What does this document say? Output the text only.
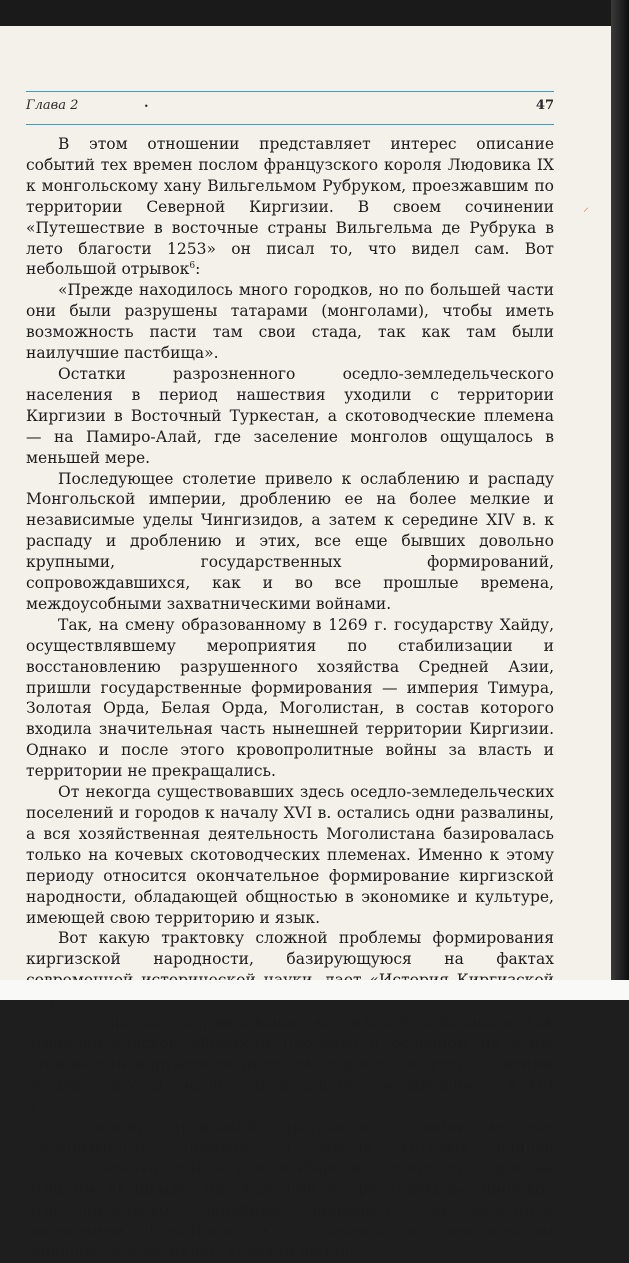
Глава 2	.	47

В этом отношении представляет интерес описание событий тех времен послом французского короля Людовика IX к монгольскому хану Вильгельмом Рубруком, проезжавшим по территории Северной Киргизии. В своем сочинении «Путешествие в восточные страны Вильгельма де Рубрука в лето благости 1253» он писал то, что видел сам. Вот небольшой отрывок$^6$:

«Прежде находилось много городков, но по большей части они были разрушены татарами (монголами), чтобы иметь возможность пасти там свои стада, так как там были наилучшие пастбища».

Остатки разрозненного оседло-земледельческого населения в период нашествия уходили с территории Киргизии в Восточный Туркестан, а скотоводческие племена — на Памиро-Алай, где заселение монголов ощущалось в меньшей мере.

Последующее столетие привело к ослаблению и распаду Монгольской империи, дроблению ее на более мелкие и независимые уделы Чингизидов, а затем к середине XIV в. к распаду и дроблению и этих, все еще бывших довольно крупными, государственных формирований, сопровождавшихся, как и во все прошлые времена, междоусобными захватническими войнами.

Так, на смену образованному в 1269 г. государству Хайду, осуществлявшему мероприятия по стабилизации и восстановлению разрушенного хозяйства Средней Азии, пришли государственные формирования — империя Тимура, Золотая Орда, Белая Орда, Моголистан, в состав которого входила значительная часть нынешней территории Киргизии. Однако и после этого кровопролитные войны за власть и территории не прекращались.

От некогда существовавших здесь оседло-земледельческих поселений и городов к началу XVI в. остались одни развалины, а вся хозяйственная деятельность Моголистана базировалась только на кочевых скотоводческих племенах. Именно к этому периоду относится окончательное формирование киргизской народности, обладающей общностью в экономике и культуре, имеющей свою территорию и язык.

Вот какую трактовку сложной проблемы формирования киргизской народности, базирующуюся на фактах современной исторической науки, дает «История Киргизской ССР»$^7$:

« — процесс формирования киргизской народности как этнополитической общности протекал в основном на ныне занимаемой киргизским народом территории, уходит своими истоками в 2—3-тысячелетнюю давность, и завершился к XVI в.;

— основу киргизской народности составили местные тюркоязычные племена, в состав которых влился центральноазиатский и южносибирский компонент; древний этноним «кыргыз», приобретший в средневековье широкое этнополитическое значение, закрепился за коренным населением Тянь-Шаня и сохранился в самоназвании

⸝
